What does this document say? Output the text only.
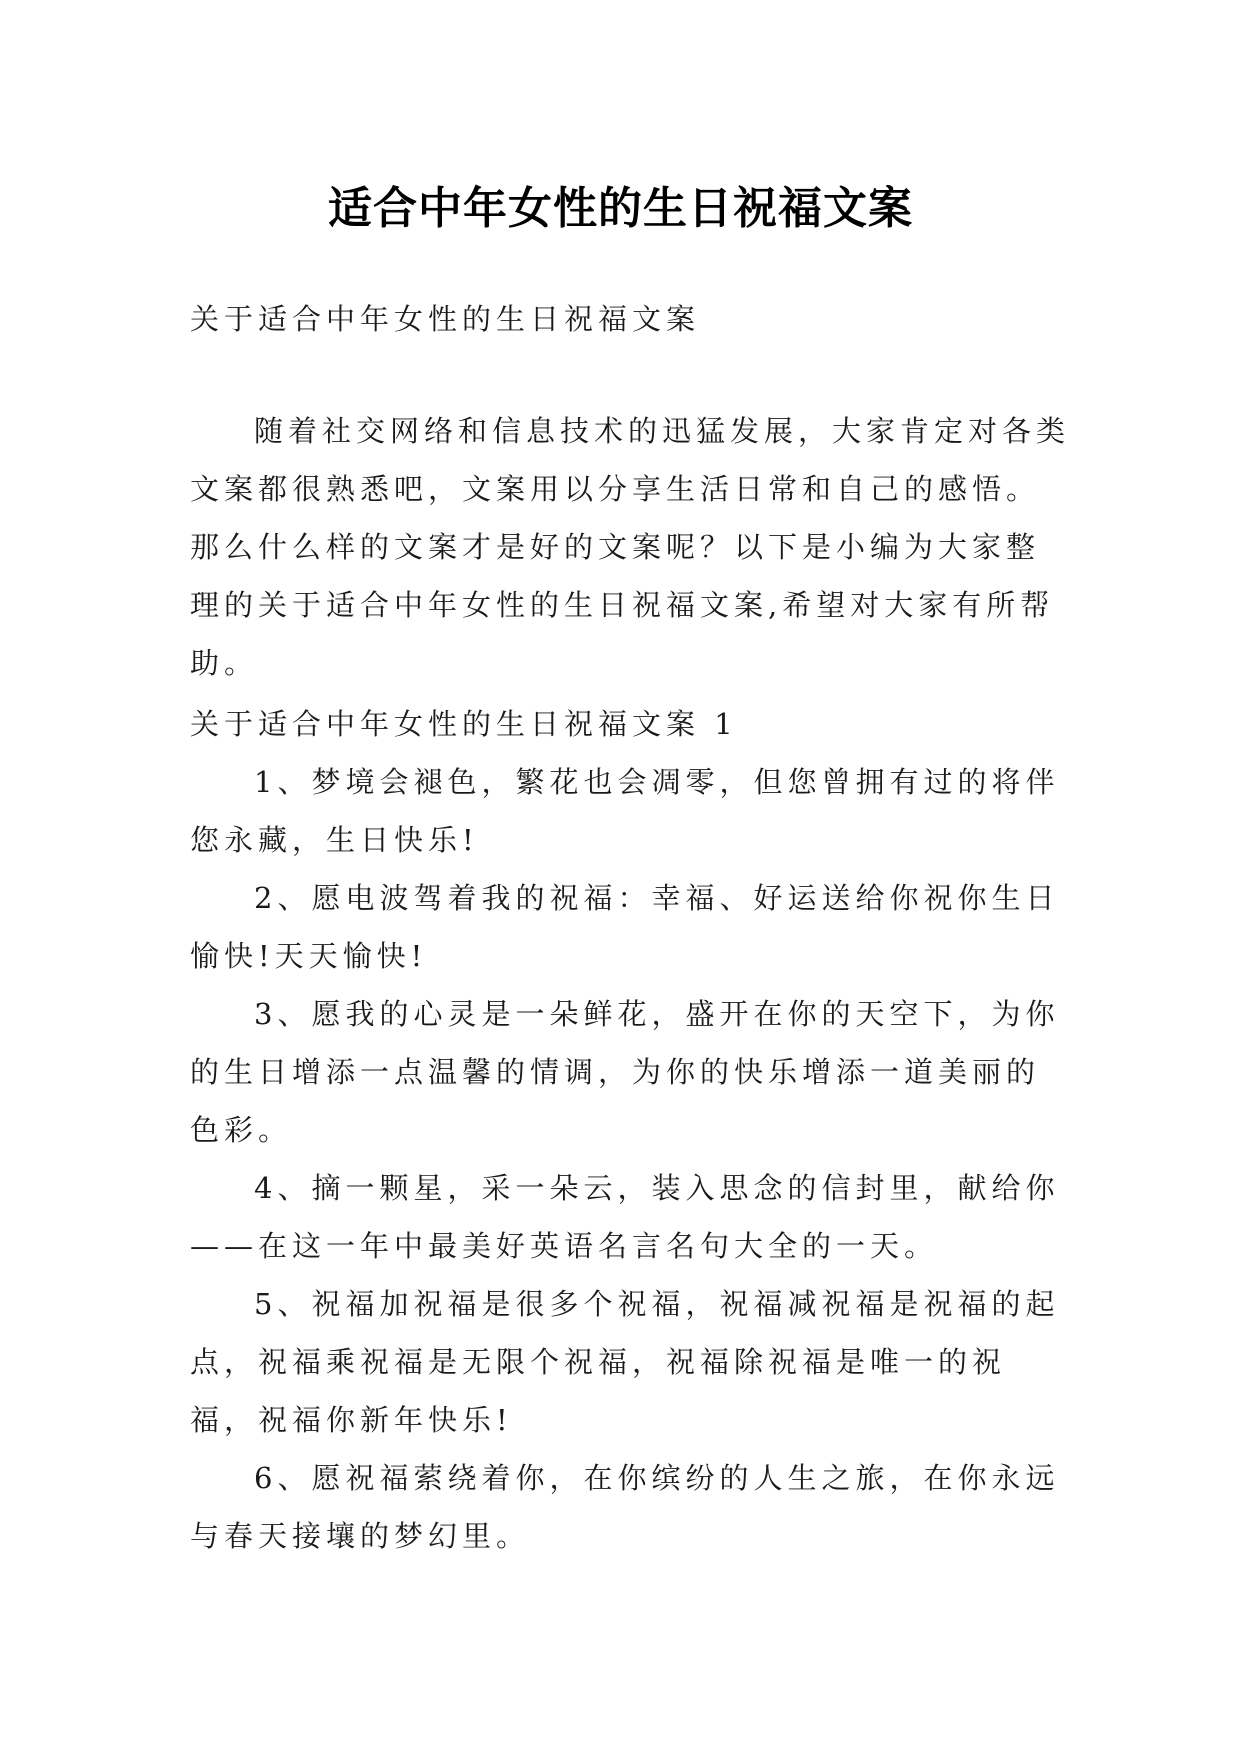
适合中年女性的生日祝福文案

关于适合中年女性的生日祝福文案

随着社交网络和信息技术的迅猛发展，大家肯定对各类文案都很熟悉吧，文案用以分享生活日常和自己的感悟。那么什么样的文案才是好的文案呢？以下是小编为大家整理的关于适合中年女性的生日祝福文案,希望对大家有所帮助。

关于适合中年女性的生日祝福文案 1

1、梦境会褪色，繁花也会凋零，但您曾拥有过的将伴您永藏，生日快乐!

2、愿电波驾着我的祝福：幸福、好运送给你祝你生日愉快!天天愉快!

3、愿我的心灵是一朵鲜花，盛开在你的天空下，为你的生日增添一点温馨的情调，为你的快乐增添一道美丽的色彩。

4、摘一颗星，采一朵云，装入思念的信封里，献给你——在这一年中最美好英语名言名句大全的一天。

5、祝福加祝福是很多个祝福，祝福减祝福是祝福的起点，祝福乘祝福是无限个祝福，祝福除祝福是唯一的祝福，祝福你新年快乐!

6、愿祝福萦绕着你，在你缤纷的人生之旅，在你永远与春天接壤的梦幻里。
